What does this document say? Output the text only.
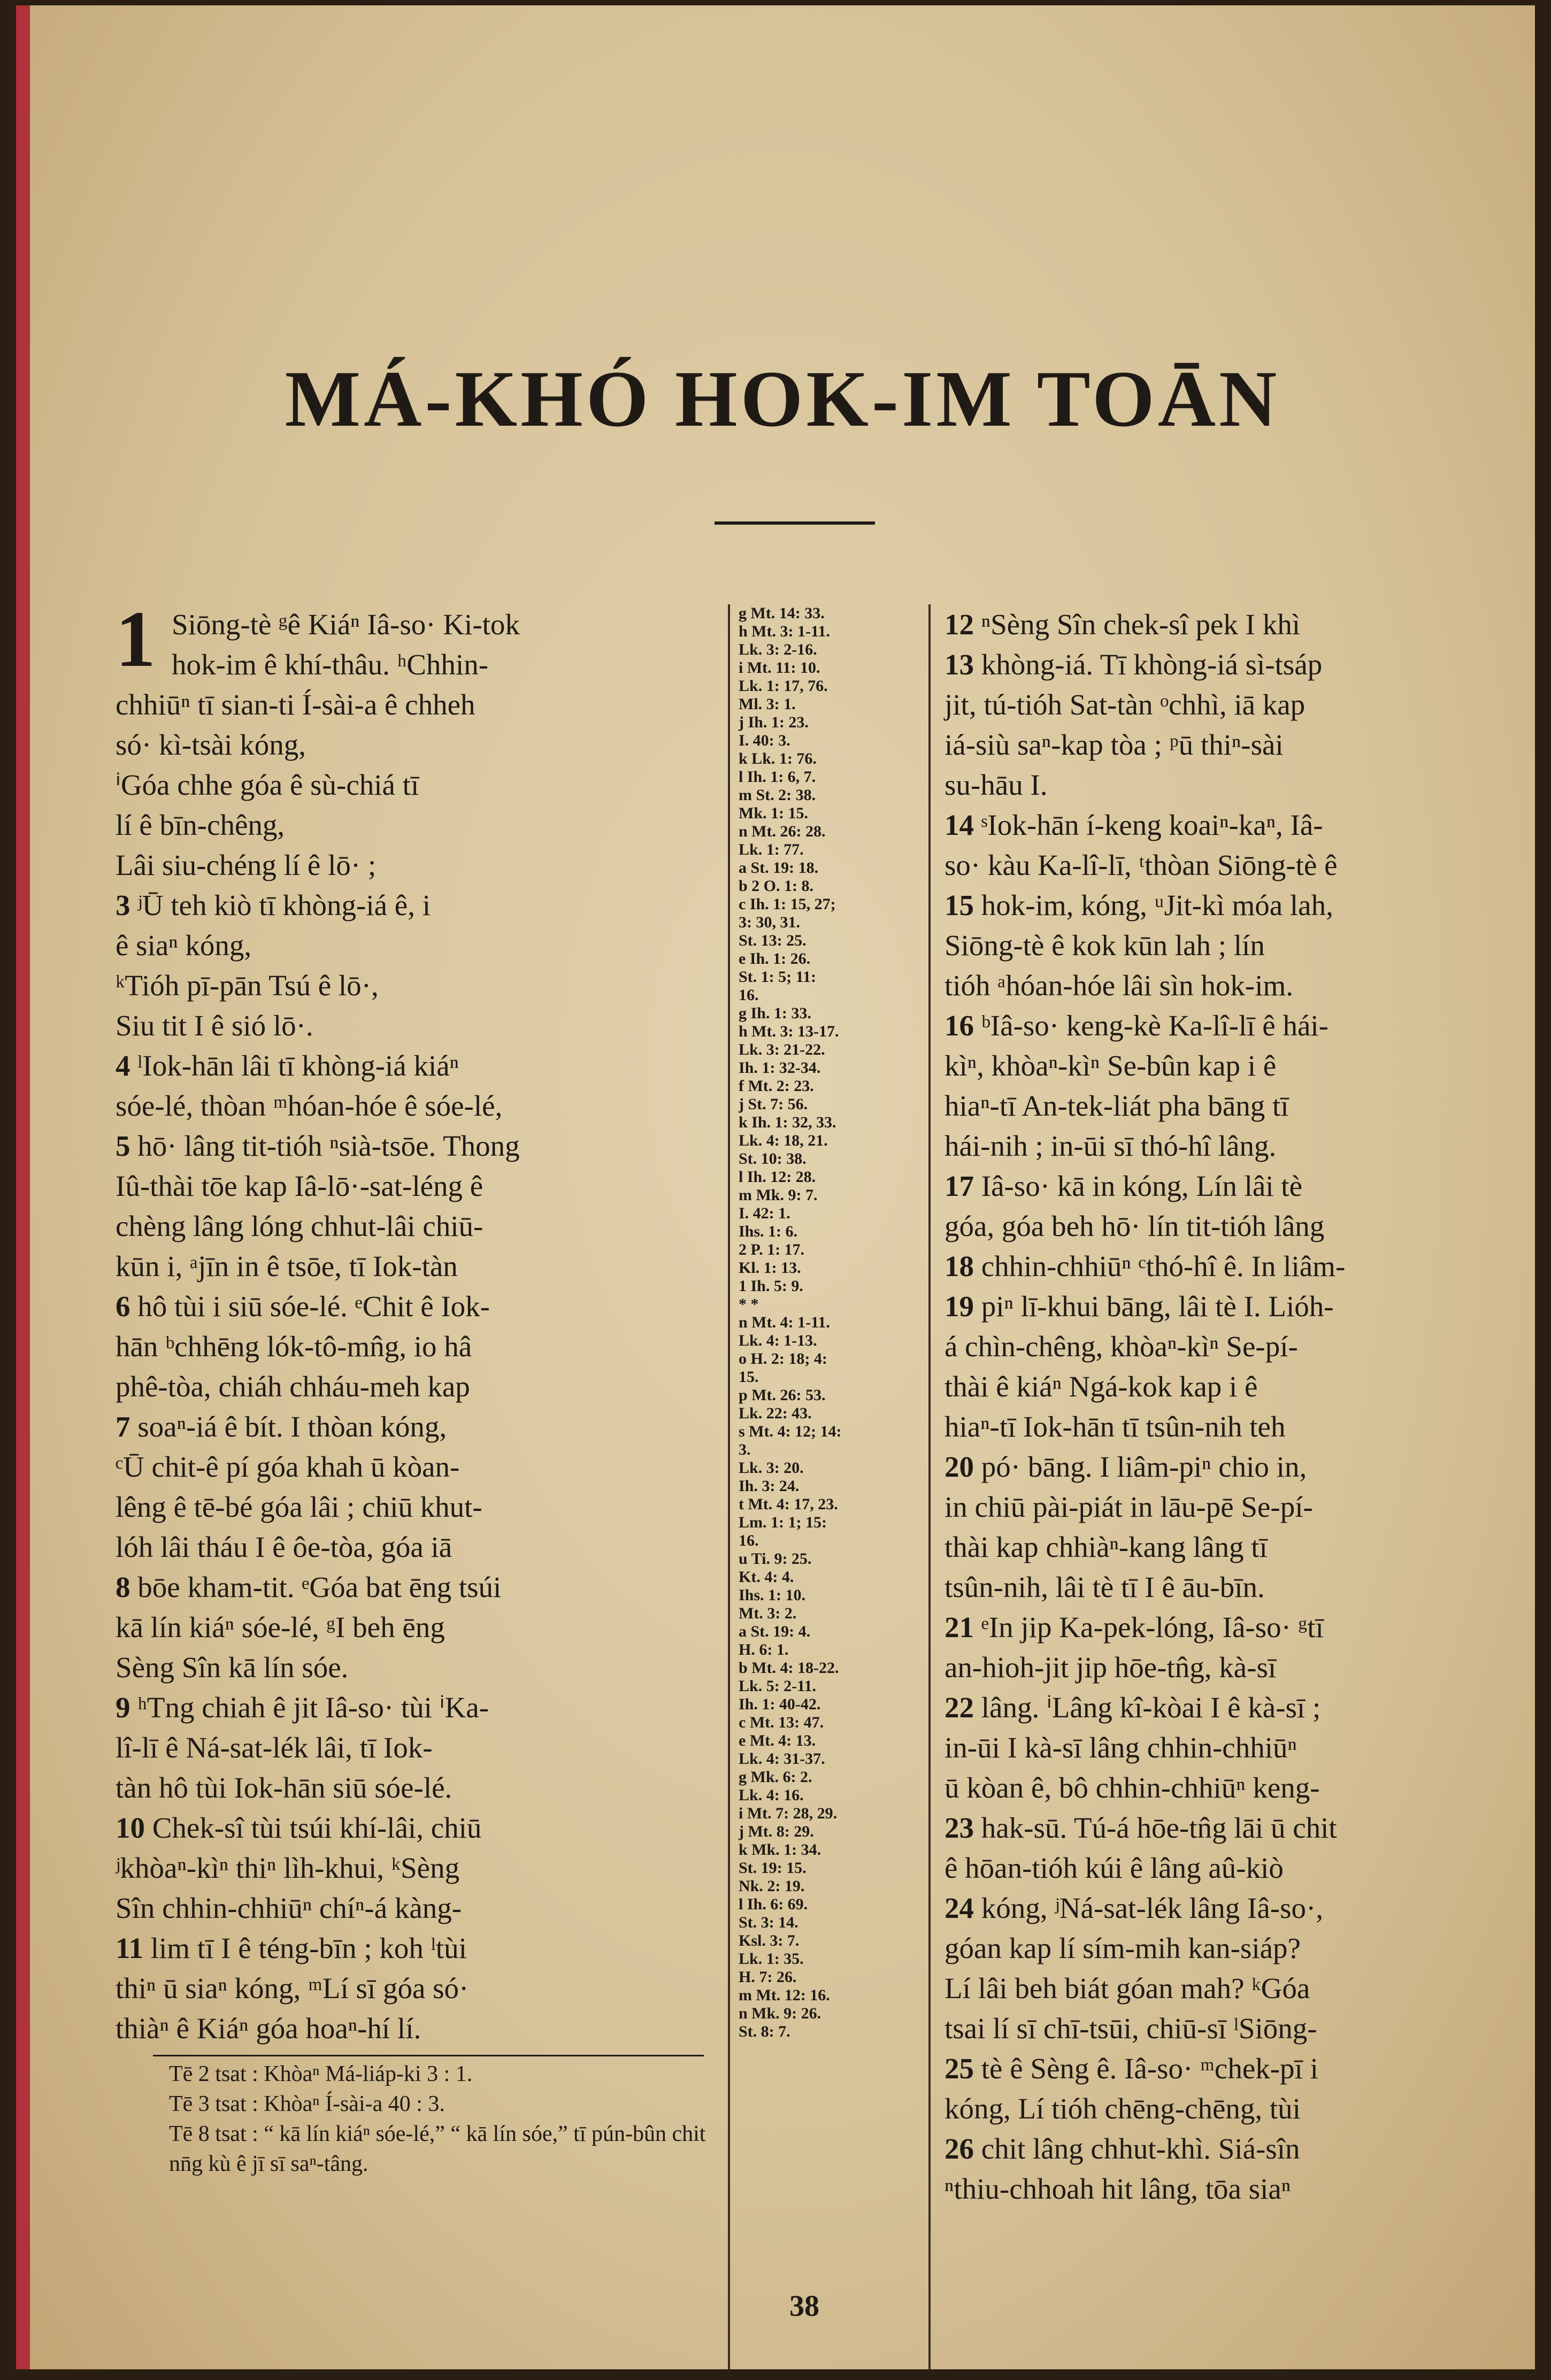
MÁ-KHÓ HOK-IM TOĀN
1 Siōng-tè ᵍê Kiáⁿ Iâ-so· Ki-tok
hok-im ê khí-thâu. ʰChhin-
chhiūⁿ tī sian-ti Í-sài-a ê chheh
só· kì-tsài kóng,
ⁱGóa chhe góa ê sù-chiá tī
lí ê bīn-chêng,
Lâi siu-chéng lí ê lō· ;
3 ʲŪ teh kiò tī khòng-iá ê, i
ê siaⁿ kóng,
ᵏTióh pī-pān Tsú ê lō·,
Siu tit I ê sió lō·.
4 ˡIok-hān lâi tī khòng-iá kiáⁿ
sóe-lé, thòan ᵐhóan-hóe ê sóe-lé,
5 hō· lâng tit-tióh ⁿsià-tsōe. Thong
Iû-thài tōe kap Iâ-lō·-sat-léng ê
chèng lâng lóng chhut-lâi chiū-
kūn i, ᵃjīn in ê tsōe, tī Iok-tàn
6 hô tùi i siū sóe-lé. ᵉChit ê Iok-
hān ᵇchhēng lók-tô-mn̂g, io hâ
phê-tòa, chiáh chháu-meh kap
7 soaⁿ-iá ê bít. I thòan kóng,
ᶜŪ chit-ê pí góa khah ū kòan-
lêng ê tē-bé góa lâi ; chiū khut-
lóh lâi tháu I ê ôe-tòa, góa iā
8 bōe kham-tit. ᵉGóa bat ēng tsúi
kā lín kiáⁿ sóe-lé, ᵍI beh ēng
Sèng Sîn kā lín sóe.
9 ʰTng chiah ê jit Iâ-so· tùi ⁱKa-
lî-lī ê Ná-sat-lék lâi, tī Iok-
tàn hô tùi Iok-hān siū sóe-lé.
10 Chek-sî tùi tsúi khí-lâi, chiū
ʲkhòaⁿ-kìⁿ thiⁿ lìh-khui, ᵏSèng
Sîn chhin-chhiūⁿ chíⁿ-á kàng-
11 lim tī I ê téng-bīn ; koh ˡtùi
thiⁿ ū siaⁿ kóng, ᵐLí sī góa só·
thiàⁿ ê Kiáⁿ góa hoaⁿ-hí lí.
g Mt. 14: 33.
h Mt. 3: 1-11.
Lk. 3: 2-16.
i Mt. 11: 10.
Lk. 1: 17, 76.
Ml. 3: 1.
j Ih. 1: 23.
I. 40: 3.
k Lk. 1: 76.
l Ih. 1: 6, 7.
m St. 2: 38.
Mk. 1: 15.
n Mt. 26: 28.
Lk. 1: 77.
a St. 19: 18.
b 2 O. 1: 8.
c Ih. 1: 15, 27;
3: 30, 31.
St. 13: 25.
e Ih. 1: 26.
St. 1: 5; 11:
16.
g Ih. 1: 33.
h Mt. 3: 13-17.
Lk. 3: 21-22.
Ih. 1: 32-34.
f Mt. 2: 23.
j St. 7: 56.
k Ih. 1: 32, 33.
Lk. 4: 18, 21.
St. 10: 38.
l Ih. 12: 28.
m Mk. 9: 7.
I. 42: 1.
Ihs. 1: 6.
2 P. 1: 17.
Kl. 1: 13.
1 Ih. 5: 9.
* *
n Mt. 4: 1-11.
Lk. 4: 1-13.
o H. 2: 18; 4:
15.
p Mt. 26: 53.
Lk. 22: 43.
s Mt. 4: 12; 14:
3.
Lk. 3: 20.
Ih. 3: 24.
t Mt. 4: 17, 23.
Lm. 1: 1; 15:
16.
u Ti. 9: 25.
Kt. 4: 4.
Ihs. 1: 10.
Mt. 3: 2.
a St. 19: 4.
H. 6: 1.
b Mt. 4: 18-22.
Lk. 5: 2-11.
Ih. 1: 40-42.
c Mt. 13: 47.
e Mt. 4: 13.
Lk. 4: 31-37.
g Mk. 6: 2.
Lk. 4: 16.
i Mt. 7: 28, 29.
j Mt. 8: 29.
k Mk. 1: 34.
St. 19: 15.
Nk. 2: 19.
l Ih. 6: 69.
St. 3: 14.
Ksl. 3: 7.
Lk. 1: 35.
H. 7: 26.
m Mt. 12: 16.
n Mk. 9: 26.
St. 8: 7.
12 ⁿSèng Sîn chek-sî pek I khì
13 khòng-iá. Tī khòng-iá sì-tsáp
jit, tú-tióh Sat-tàn ᵒchhì, iā kap
iá-siù saⁿ-kap tòa ; ᵖū thiⁿ-sài
su-hāu I.
14 ˢIok-hān í-keng koaiⁿ-kaⁿ, Iâ-
so· kàu Ka-lî-lī, ᵗthòan Siōng-tè ê
15 hok-im, kóng, ᵘJit-kì móa lah,
Siōng-tè ê kok kūn lah ; lín
tióh ᵃhóan-hóe lâi sìn hok-im.
16 ᵇIâ-so· keng-kè Ka-lî-lī ê hái-
kìⁿ, khòaⁿ-kìⁿ Se-bûn kap i ê
hiaⁿ-tī An-tek-liát pha bāng tī
hái-nih ; in-ūi sī thó-hî lâng.
17 Iâ-so· kā in kóng, Lín lâi tè
góa, góa beh hō· lín tit-tióh lâng
18 chhin-chhiūⁿ ᶜthó-hî ê. In liâm-
19 piⁿ lī-khui bāng, lâi tè I. Lióh-
á chìn-chêng, khòaⁿ-kìⁿ Se-pí-
thài ê kiáⁿ Ngá-kok kap i ê
hiaⁿ-tī Iok-hān tī tsûn-nih teh
20 pó· bāng. I liâm-piⁿ chio in,
in chiū pài-piát in lāu-pē Se-pí-
thài kap chhiàⁿ-kang lâng tī
tsûn-nih, lâi tè tī I ê āu-bīn.
21 ᵉIn jip Ka-pek-lóng, Iâ-so· ᵍtī
an-hioh-jit jip hōe-tn̂g, kà-sī
22 lâng. ⁱLâng kî-kòai I ê kà-sī ;
in-ūi I kà-sī lâng chhin-chhiūⁿ
ū kòan ê, bô chhin-chhiūⁿ keng-
23 hak-sū. Tú-á hōe-tn̂g lāi ū chit
ê hōan-tióh kúi ê lâng aû-kiò
24 kóng, ʲNá-sat-lék lâng Iâ-so·,
góan kap lí sím-mih kan-siáp?
Lí lâi beh biát góan mah? ᵏGóa
tsai lí sī chī-tsūi, chiū-sī ˡSiōng-
25 tè ê Sèng ê. Iâ-so· ᵐchek-pī i
kóng, Lí tióh chēng-chēng, tùi
26 chit lâng chhut-khì. Siá-sîn
ⁿthiu-chhoah hit lâng, tōa siaⁿ
Tē 2 tsat : Khòaⁿ Má-liáp-ki 3 : 1.
Tē 3 tsat : Khòaⁿ Í-sài-a 40 : 3.
Tē 8 tsat : “ kā lín kiáⁿ sóe-lé,” “ kā lín sóe,” tī pún-bûn chit nn̄g kù ê jī sī saⁿ-tâng.
38
